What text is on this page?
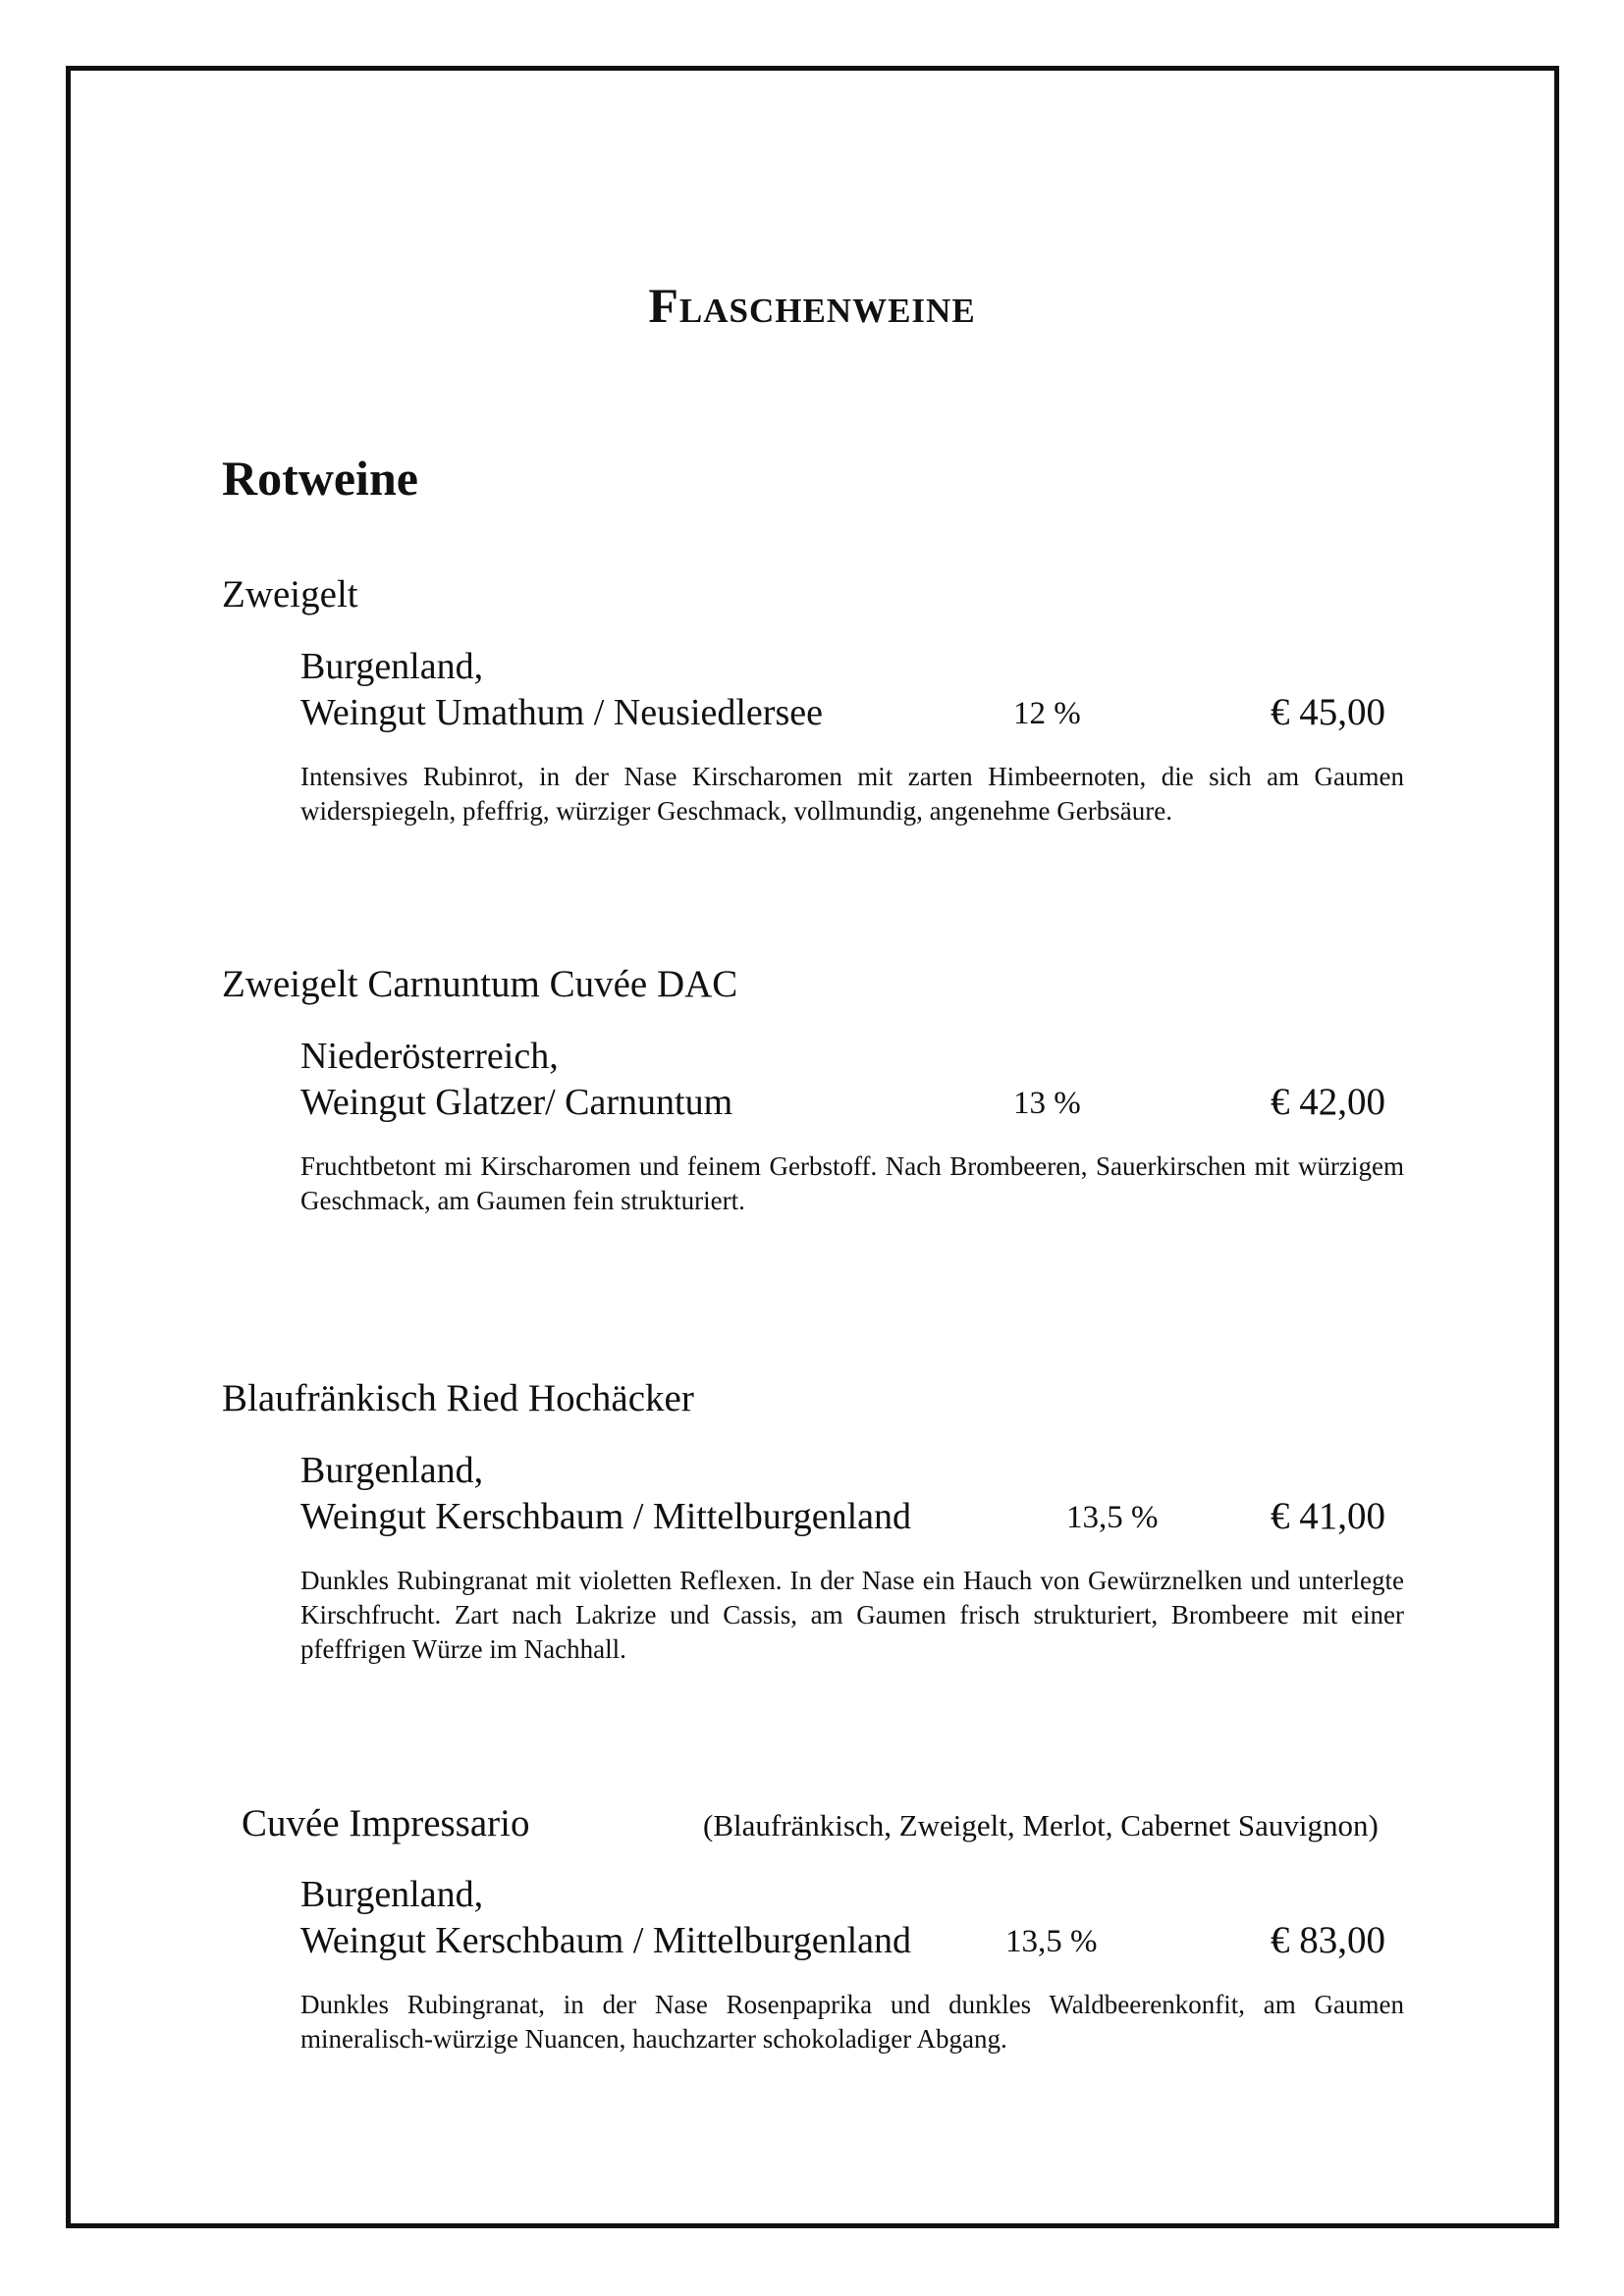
Flaschenweine
Rotweine
Zweigelt
Burgenland,
Weingut Umathum / Neusiedlersee	12 %	€ 45,00
Intensives Rubinrot, in der Nase Kirscharomen mit zarten Himbeernoten, die sich am Gaumen widerspiegeln, pfeffrig, würziger Geschmack, vollmundig, angenehme Gerbsäure.
Zweigelt Carnuntum Cuvée DAC
Niederösterreich,
Weingut Glatzer/ Carnuntum	13 %	€ 42,00
Fruchtbetont mi Kirscharomen und feinem Gerbstoff. Nach Brombeeren, Sauerkirschen mit würzigem Geschmack, am Gaumen fein strukturiert.
Blaufränkisch Ried Hochäcker
Burgenland,
Weingut Kerschbaum / Mittelburgenland	13,5 %	€ 41,00
Dunkles Rubingranat mit violetten Reflexen. In der Nase ein Hauch von Gewürznelken und unterlegte Kirschfrucht. Zart nach Lakrize und Cassis, am Gaumen frisch strukturiert, Brombeere mit einer pfeffrigen Würze im Nachhall.
Cuvée Impressario	(Blaufränkisch, Zweigelt, Merlot, Cabernet Sauvignon)
Burgenland,
Weingut Kerschbaum / Mittelburgenland	13,5 %	€ 83,00
Dunkles Rubingranat, in der Nase Rosenpaprika und dunkles Waldbeerenkonfit, am Gaumen mineralisch-würzige Nuancen, hauchzarter schokoladiger Abgang.
